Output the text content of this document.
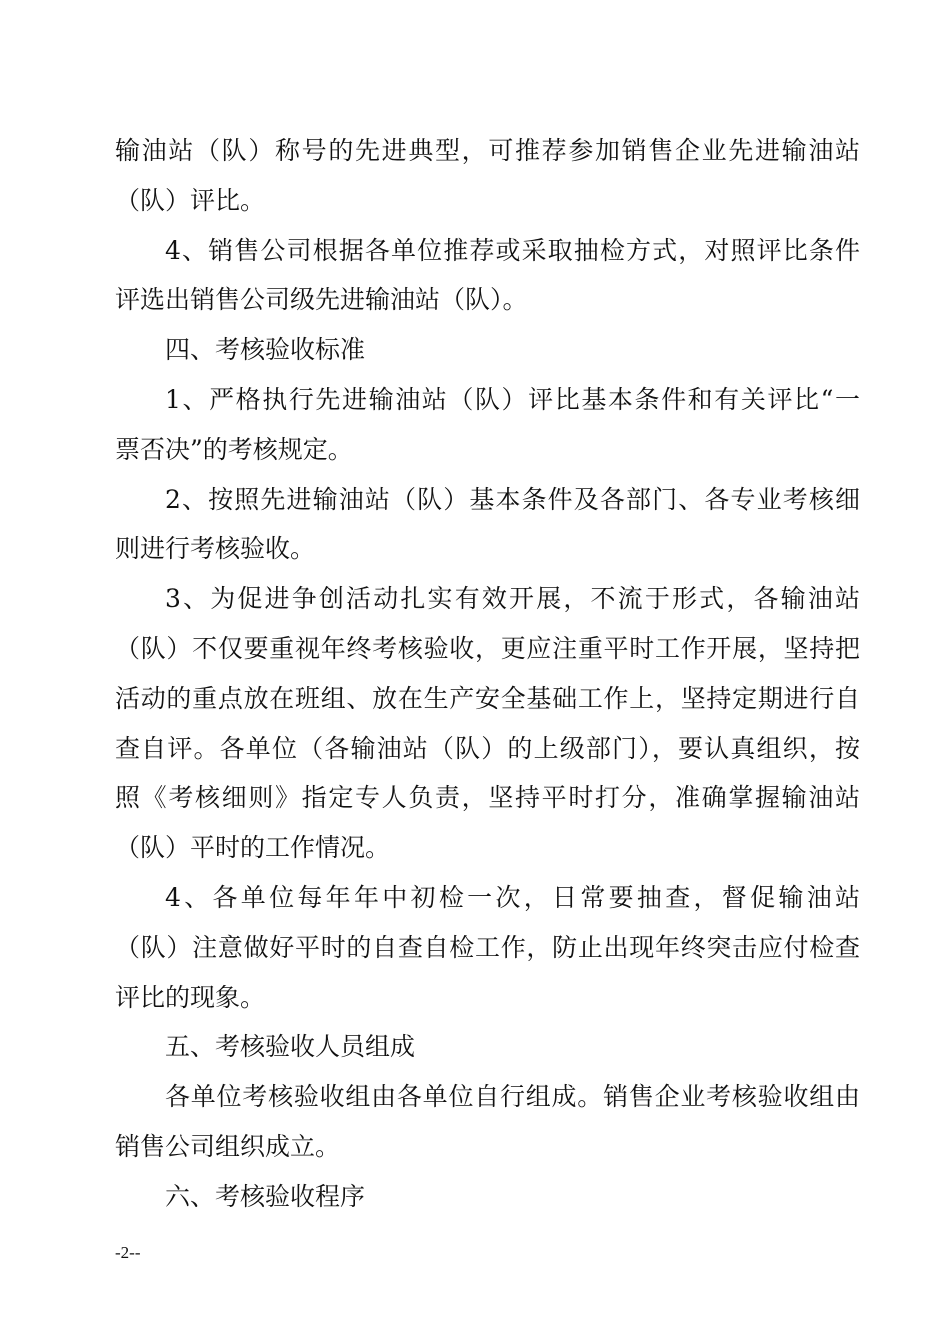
输油站（队）称号的先进典型，可推荐参加销售企业先进输油站
（队）评比。
4、销售公司根据各单位推荐或采取抽检方式，对照评比条件
评选出销售公司级先进输油站（队）。
四、考核验收标准
1、严格执行先进输油站（队）评比基本条件和有关评比“一
票否决”的考核规定。
2、按照先进输油站（队）基本条件及各部门、各专业考核细
则进行考核验收。
3、为促进争创活动扎实有效开展，不流于形式，各输油站
（队）不仅要重视年终考核验收，更应注重平时工作开展，坚持把
活动的重点放在班组、放在生产安全基础工作上，坚持定期进行自
查自评。各单位（各输油站（队）的上级部门），要认真组织，按
照《考核细则》指定专人负责，坚持平时打分，准确掌握输油站
（队）平时的工作情况。
4、各单位每年年中初检一次，日常要抽查，督促输油站
（队）注意做好平时的自查自检工作，防止出现年终突击应付检查
评比的现象。
五、考核验收人员组成
各单位考核验收组由各单位自行组成。销售企业考核验收组由
销售公司组织成立。
六、考核验收程序
-2--
